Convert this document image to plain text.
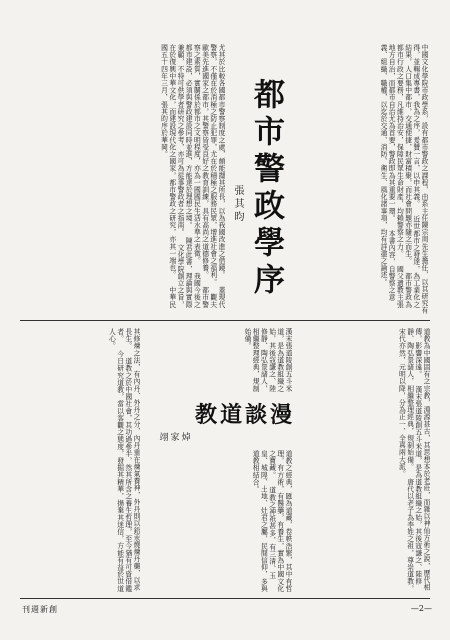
都市警政學序
張其昀	中國文化學院市政學系，設有都市警政之課程，由系主任陳宗周先生擔任，以其研究有得，並輯成專書，我為之序，爰贊一言，以申其義。 近世都市之發達，為工業化之結果，人口集中都市，交通便捷，財富積聚，而社會問題亦隨之而生。 都市警政為都市行政之要務，凡維持治安，保障民眾生命財產，均賴警察之力。 國父遺教主張地方自治，而都市自治尤為首要，警政即為其重要一環。 本書內容，自警察之意義、組織、職權，以迄於交通、消防、衛生、風化諸事項，均有詳盡之論述。
尤其於比較各國都市警察制度之處，頗能擷其所長，以為我國改進之借鏡。 蓋現代警察，不僅在於消極之防止犯罪，尤在於積極之服務民眾，增進社會之福利。 觀夫歐美先進國家之都市，其警察皆受良好之教育訓練，具有高尚之道德修養。 都市警察之素質，實關係於都市之文明程度，亦為一國國民生活水準之表徵。 我國今後之都市建設，必須與警政建設同時並進，方能達於理想之境。 陳君此書，理論與實際兼顧，不特可供學者研究之參考，亦可為從事警政者之指南。 文化學院創立之旨，在於復興中華文化，而建設現代化之國家，都市警政之研究，亦其一端也。 中華民國五十四年三月，張其昀序於華岡。
道教為中國固有之宗教，淵源甚古，其思想本於老莊，而雜以神仙方術之說，歷代相傳，影響深遠。 漢末張道陵創五斗米道，是為道教組織之始，其後寇謙之、陸修靜、陶弘景諸人，相繼整理經典，規制始備。 唐代以老子為李姓之祖，尊崇道教，宋代亦然，元明以降，分為正一、全真兩大派。
教道談漫
翊家焯
道教之經典，匯為道藏，卷帙浩繁，其中有哲理，有方術，有醫藥，有養生，實為中國文化之寶藏。 道教之神祇甚多，有三清、玉皇、城隍、土地、灶君之屬，民間信仰，多與道教相結合。
其修煉之法，有內丹、外丹之分，內丹重在煉氣養神，外丹則以鉛汞燒煉丹藥，以求長生。 道教之於中國社會，其功過參半，然其所含之養生哲理，至今猶有可資借鑑者。 今日研究道教，當以客觀之態度，發掘其精華，揚棄其迷信，方能有益於世道人心。	漢末張道陵創五斗米道，是為道教組織之始，其後寇謙之、陸修靜、陶弘景諸人，相繼整理經典，規制始備。
刊週新創	—2—
